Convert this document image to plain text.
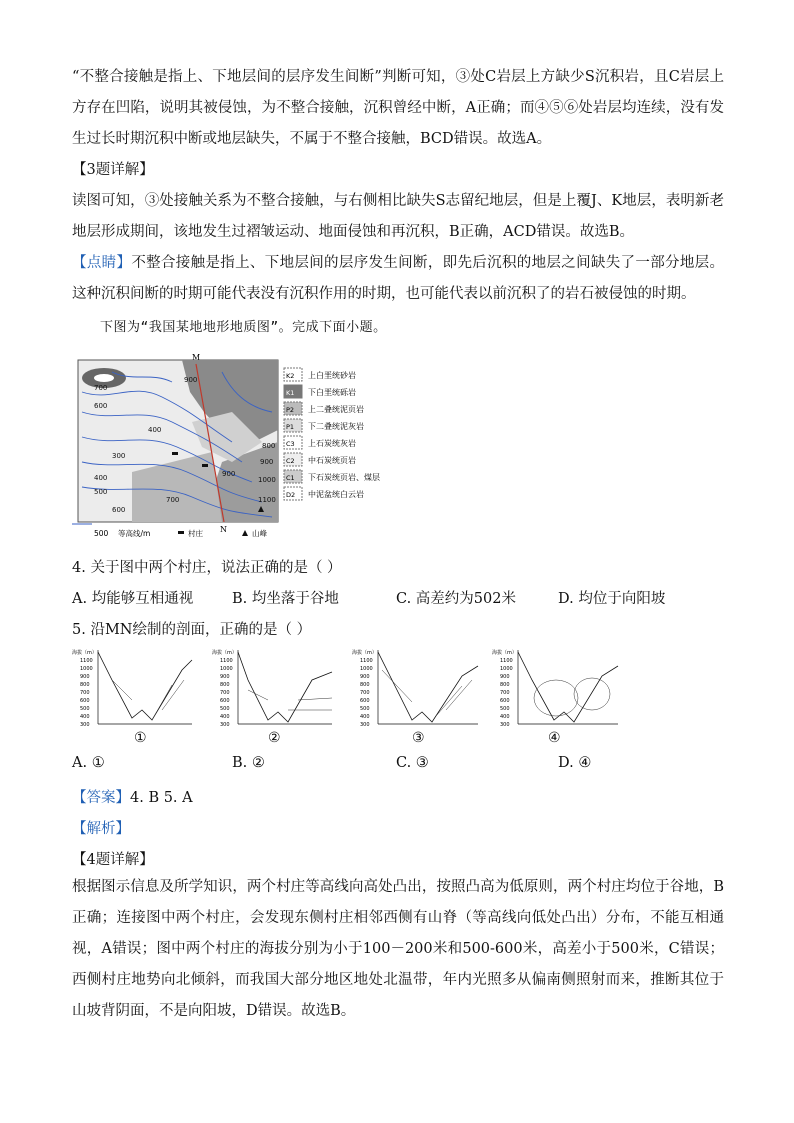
“不整合接触是指上、下地层间的层序发生间断”判断可知，③处C岩层上方缺少S沉积岩，且C岩层上方存在凹陷，说明其被侵蚀，为不整合接触，沉积曾经中断，A正确；而④⑤⑥处岩层均连续，没有发生过长时期沉积中断或地层缺失，不属于不整合接触，BCD错误。故选A。

【3题详解】

读图可知，③处接触关系为不整合接触，与右侧相比缺失S志留纪地层，但是上覆J、K地层，表明新老地层形成期间，该地发生过褶皱运动、地面侵蚀和再沉积，B正确，ACD错误。故选B。

【点睛】不整合接触是指上、下地层间的层序发生间断，即先后沉积的地层之间缺失了一部分地层。这种沉积间断的时期可能代表没有沉积作用的时期，也可能代表以前沉积了的岩石被侵蚀的时期。

下图为“我国某地地形地质图”。完成下面小题。
M
N
700
600
400
300
400
500
600
700
900
800
900
1000
1100
900
500 等高线/m	村庄	山峰
K2 上白垩统砂岩
K1 下白垩统砾岩
P2 上二叠统泥页岩
P1 下二叠统泥灰岩
C3 上石炭统灰岩
C2 中石炭统页岩
C1 下石炭统页岩、煤层
D2 中泥盆统白云岩
4. 关于图中两个村庄，说法正确的是（ ）
A. 均能够互相通视	B. 均坐落于谷地	C. 高差约为502米	D. 均位于向阳坡
5. 沿MN绘制的剖面，正确的是（ ）
海拔（m）
1100
1000
900
800
700
600
500
400
300
海拔（m）
1100
1000
900
800
700
600
500
400
300
海拔（m）
1100
1000
900
800
700
600
500
400
300
海拔（m）
1100
1000
900
800
700
600
500
400
300
①	②	③	④
A. ①	B. ②	C. ③	D. ④
【答案】4. B 5. A
【解析】
【4题详解】

根据图示信息及所学知识，两个村庄等高线向高处凸出，按照凸高为低原则，两个村庄均位于谷地，B正确；连接图中两个村庄，会发现东侧村庄相邻西侧有山脊（等高线向低处凸出）分布，不能互相通视，A错误；图中两个村庄的海拔分别为小于100－200米和500-600米，高差小于500米，C错误；西侧村庄地势向北倾斜，而我国大部分地区地处北温带，年内光照多从偏南侧照射而来，推断其位于山坡背阴面，不是向阳坡，D错误。故选B。
